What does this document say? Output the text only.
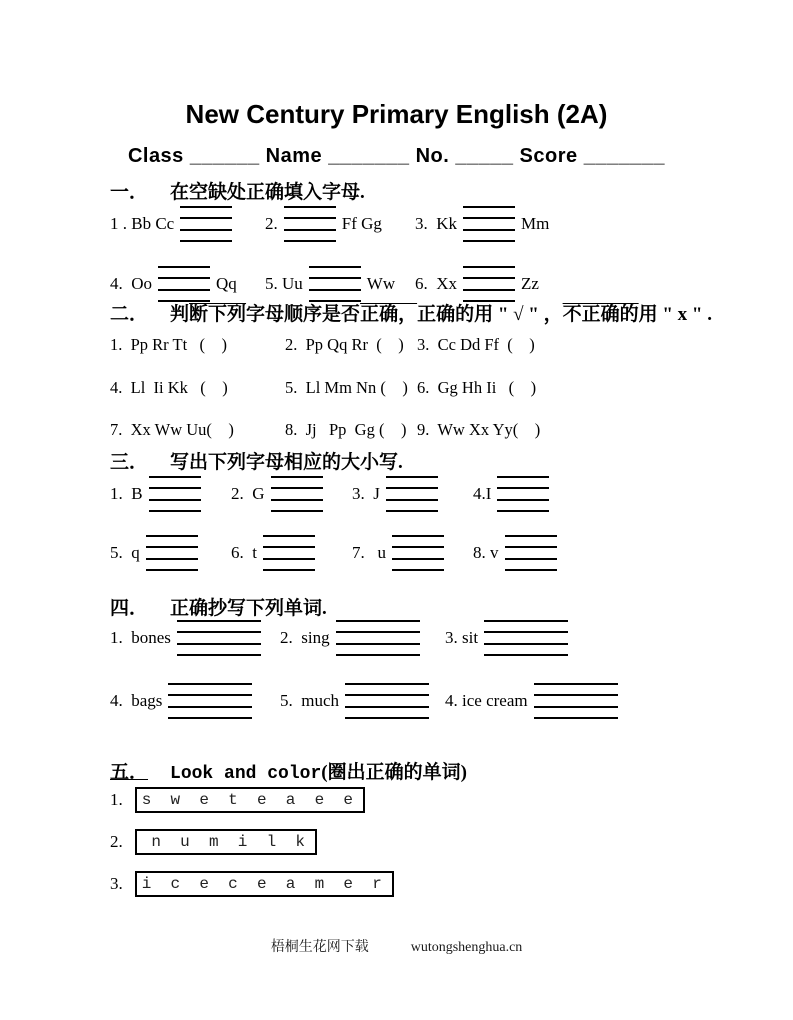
New Century Primary English (2A)
Class ______ Name _______ No. _____ Score _______
一． 在空缺处正确填入字母.
1 . Bb Cc	2.	Ff Gg 3.  Kk	Mm
4.  Oo	Qq 5. Uu	Ww 6.  Xx	Zz
二． 判断下列字母顺序是否正确，正确的用 " √ " ，不正确的用 " x " .
1.  Pp Rr Tt   (    )	2.  Pp Qq Rr  (    ) 3.  Cc Dd Ff  (    )
4.  Ll  Ii Kk   (    )	5.  Ll Mm Nn (    ) 6.  Gg Hh Ii   (    )
7.  Xx Ww Uu(    )	8.  Jj   Pp  Gg (    ) 9.  Ww Xx Yy(    )
三． 写出下列字母相应的大小写.
1.  B	2.  G	3.  J	4.I
5.  q	6.  t	7.   u	8. v
四． 正确抄写下列单词.
1.  bones	2.  sing	3. sit
4.  bags	5.  much	4. ice cream
五． Look and color(圈出正确的单词)
1.	s  w  e  t  e  a  e  e
2.	n  u  m  i  l  k
3.	i  c  e  c  e  a  m  e  r
梧桐生花网下载	wutongshenghua.cn
